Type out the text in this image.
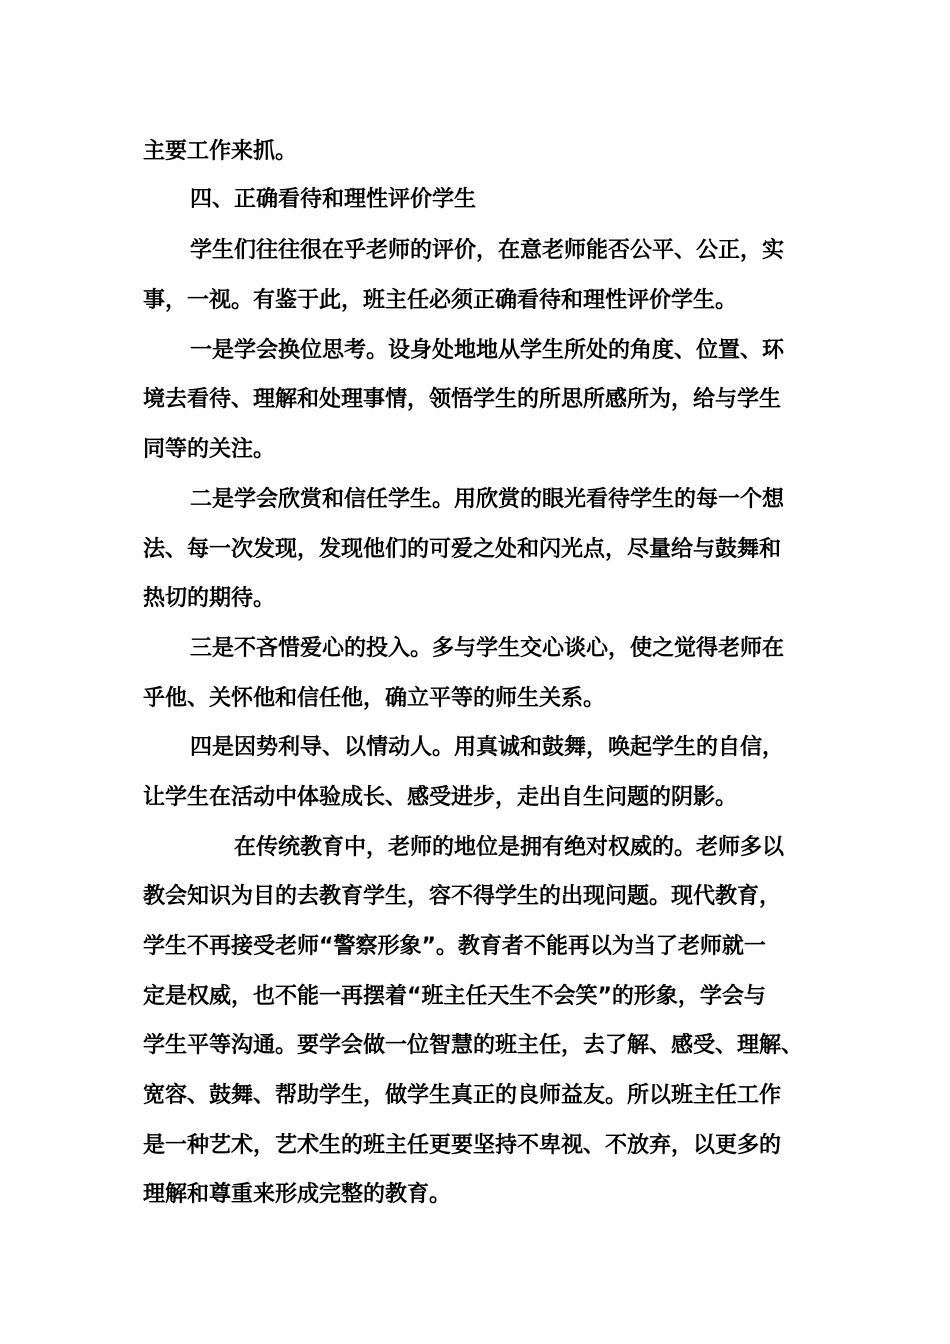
主要工作来抓。

四、正确看待和理性评价学生

学生们往往很在乎老师的评价，在意老师能否公平、公正，实

事，一视。有鉴于此，班主任必须正确看待和理性评价学生。

一是学会换位思考。设身处地地从学生所处的角度、位置、环

境去看待、理解和处理事情，领悟学生的所思所感所为，给与学生

同等的关注。

二是学会欣赏和信任学生。用欣赏的眼光看待学生的每一个想

法、每一次发现，发现他们的可爱之处和闪光点，尽量给与鼓舞和

热切的期待。

三是不吝惜爱心的投入。多与学生交心谈心，使之觉得老师在

乎他、关怀他和信任他，确立平等的师生关系。

四是因势利导、以情动人。用真诚和鼓舞，唤起学生的自信，

让学生在活动中体验成长、感受进步，走出自生问题的阴影。

在传统教育中，老师的地位是拥有绝对权威的。老师多以

教会知识为目的去教育学生，容不得学生的出现问题。现代教育，

学生不再接受老师“警察形象”。教育者不能再以为当了老师就一

定是权威，也不能一再摆着“班主任天生不会笑”的形象，学会与

学生平等沟通。要学会做一位智慧的班主任，去了解、感受、理解、

宽容、鼓舞、帮助学生，做学生真正的良师益友。所以班主任工作

是一种艺术，艺术生的班主任更要坚持不卑视、不放弃，以更多的

理解和尊重来形成完整的教育。
